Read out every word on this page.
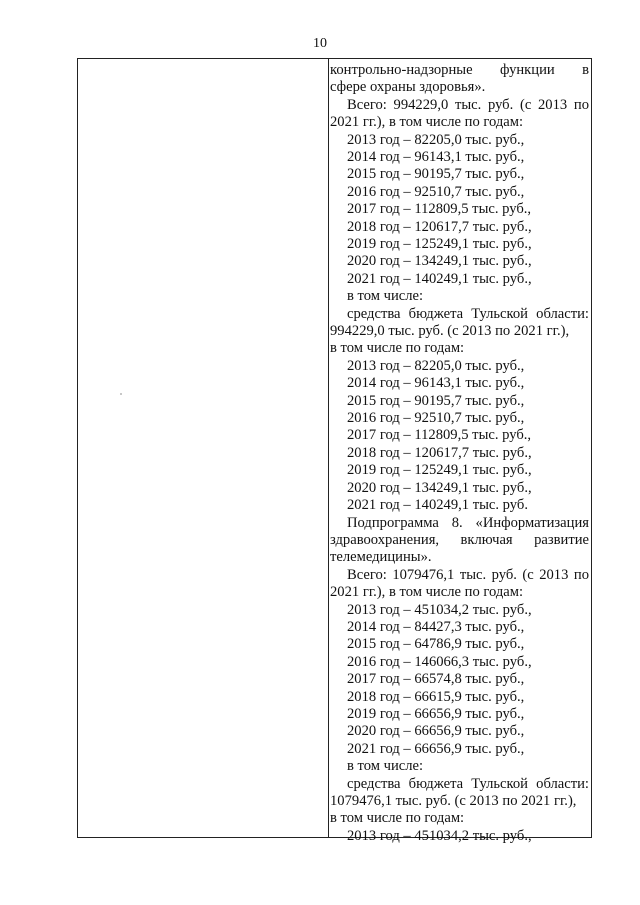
10
контрольно-надзорные функции в
сфере охраны здоровья».
Всего: 994229,0 тыс. руб. (с 2013 по
2021 гг.), в том числе по годам:
2013 год – 82205,0 тыс. руб.,
2014 год – 96143,1 тыс. руб.,
2015 год – 90195,7 тыс. руб.,
2016 год – 92510,7 тыс. руб.,
2017 год – 112809,5 тыс. руб.,
2018 год – 120617,7 тыс. руб.,
2019 год – 125249,1 тыс. руб.,
2020 год – 134249,1 тыс. руб.,
2021 год – 140249,1 тыс. руб.,
в том числе:
средства бюджета Тульской области:
994229,0 тыс. руб. (с 2013 по 2021 гг.),
в том числе по годам:
2013 год – 82205,0 тыс. руб.,
2014 год – 96143,1 тыс. руб.,
2015 год – 90195,7 тыс. руб.,
2016 год – 92510,7 тыс. руб.,
2017 год – 112809,5 тыс. руб.,
2018 год – 120617,7 тыс. руб.,
2019 год – 125249,1 тыс. руб.,
2020 год – 134249,1 тыс. руб.,
2021 год – 140249,1 тыс. руб.
Подпрограмма 8. «Информатизация
здравоохранения, включая развитие
телемедицины».
Всего: 1079476,1 тыс. руб. (с 2013 по
2021 гг.), в том числе по годам:
2013 год – 451034,2 тыс. руб.,
2014 год – 84427,3 тыс. руб.,
2015 год – 64786,9 тыс. руб.,
2016 год – 146066,3 тыс. руб.,
2017 год – 66574,8 тыс. руб.,
2018 год – 66615,9 тыс. руб.,
2019 год – 66656,9 тыс. руб.,
2020 год – 66656,9 тыс. руб.,
2021 год – 66656,9 тыс. руб.,
в том числе:
средства бюджета Тульской области:
1079476,1 тыс. руб. (с 2013 по 2021 гг.),
в том числе по годам:
2013 год – 451034,2 тыс. руб.,
